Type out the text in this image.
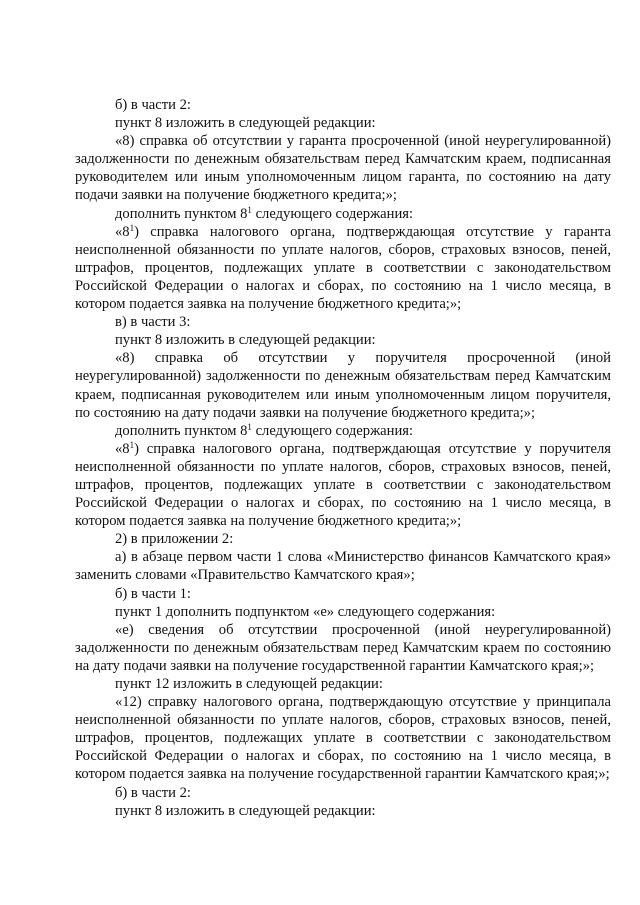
б) в части 2:

пункт 8 изложить в следующей редакции:

«8) справка об отсутствии у гаранта просроченной (иной неурегулированной) задолженности по денежным обязательствам перед Камчатским краем, подписанная руководителем или иным уполномоченным лицом гаранта, по состоянию на дату подачи заявки на получение бюджетного кредита;»;

дополнить пунктом $8^1$ следующего содержания:

«$8^1$) справка налогового органа, подтверждающая отсутствие у гаранта неисполненной обязанности по уплате налогов, сборов, страховых взносов, пеней, штрафов, процентов, подлежащих уплате в соответствии с законодательством Российской Федерации о налогах и сборах, по состоянию на 1 число месяца, в котором подается заявка на получение бюджетного кредита;»;

в) в части 3:

пункт 8 изложить в следующей редакции:

«8) справка об отсутствии у поручителя просроченной (иной неурегулированной) задолженности по денежным обязательствам перед Камчатским краем, подписанная руководителем или иным уполномоченным лицом поручителя, по состоянию на дату подачи заявки на получение бюджетного кредита;»;

дополнить пунктом $8^1$ следующего содержания:

«$8^1$) справка налогового органа, подтверждающая отсутствие у поручителя неисполненной обязанности по уплате налогов, сборов, страховых взносов, пеней, штрафов, процентов, подлежащих уплате в соответствии с законодательством Российской Федерации о налогах и сборах, по состоянию на 1 число месяца, в котором подается заявка на получение бюджетного кредита;»;

2) в приложении 2:

а) в абзаце первом части 1 слова «Министерство финансов Камчатского края» заменить словами «Правительство Камчатского края»;

б) в части 1:

пункт 1 дополнить подпунктом «е» следующего содержания:

«е) сведения об отсутствии просроченной (иной неурегулированной) задолженности по денежным обязательствам перед Камчатским краем по состоянию на дату подачи заявки на получение государственной гарантии Камчатского края;»;

пункт 12 изложить в следующей редакции:

«12) справку налогового органа, подтверждающую отсутствие у принципала неисполненной обязанности по уплате налогов, сборов, страховых взносов, пеней, штрафов, процентов, подлежащих уплате в соответствии с законодательством Российской Федерации о налогах и сборах, по состоянию на 1 число месяца, в котором подается заявка на получение государственной гарантии Камчатского края;»;

б) в части 2:

пункт 8 изложить в следующей редакции:
